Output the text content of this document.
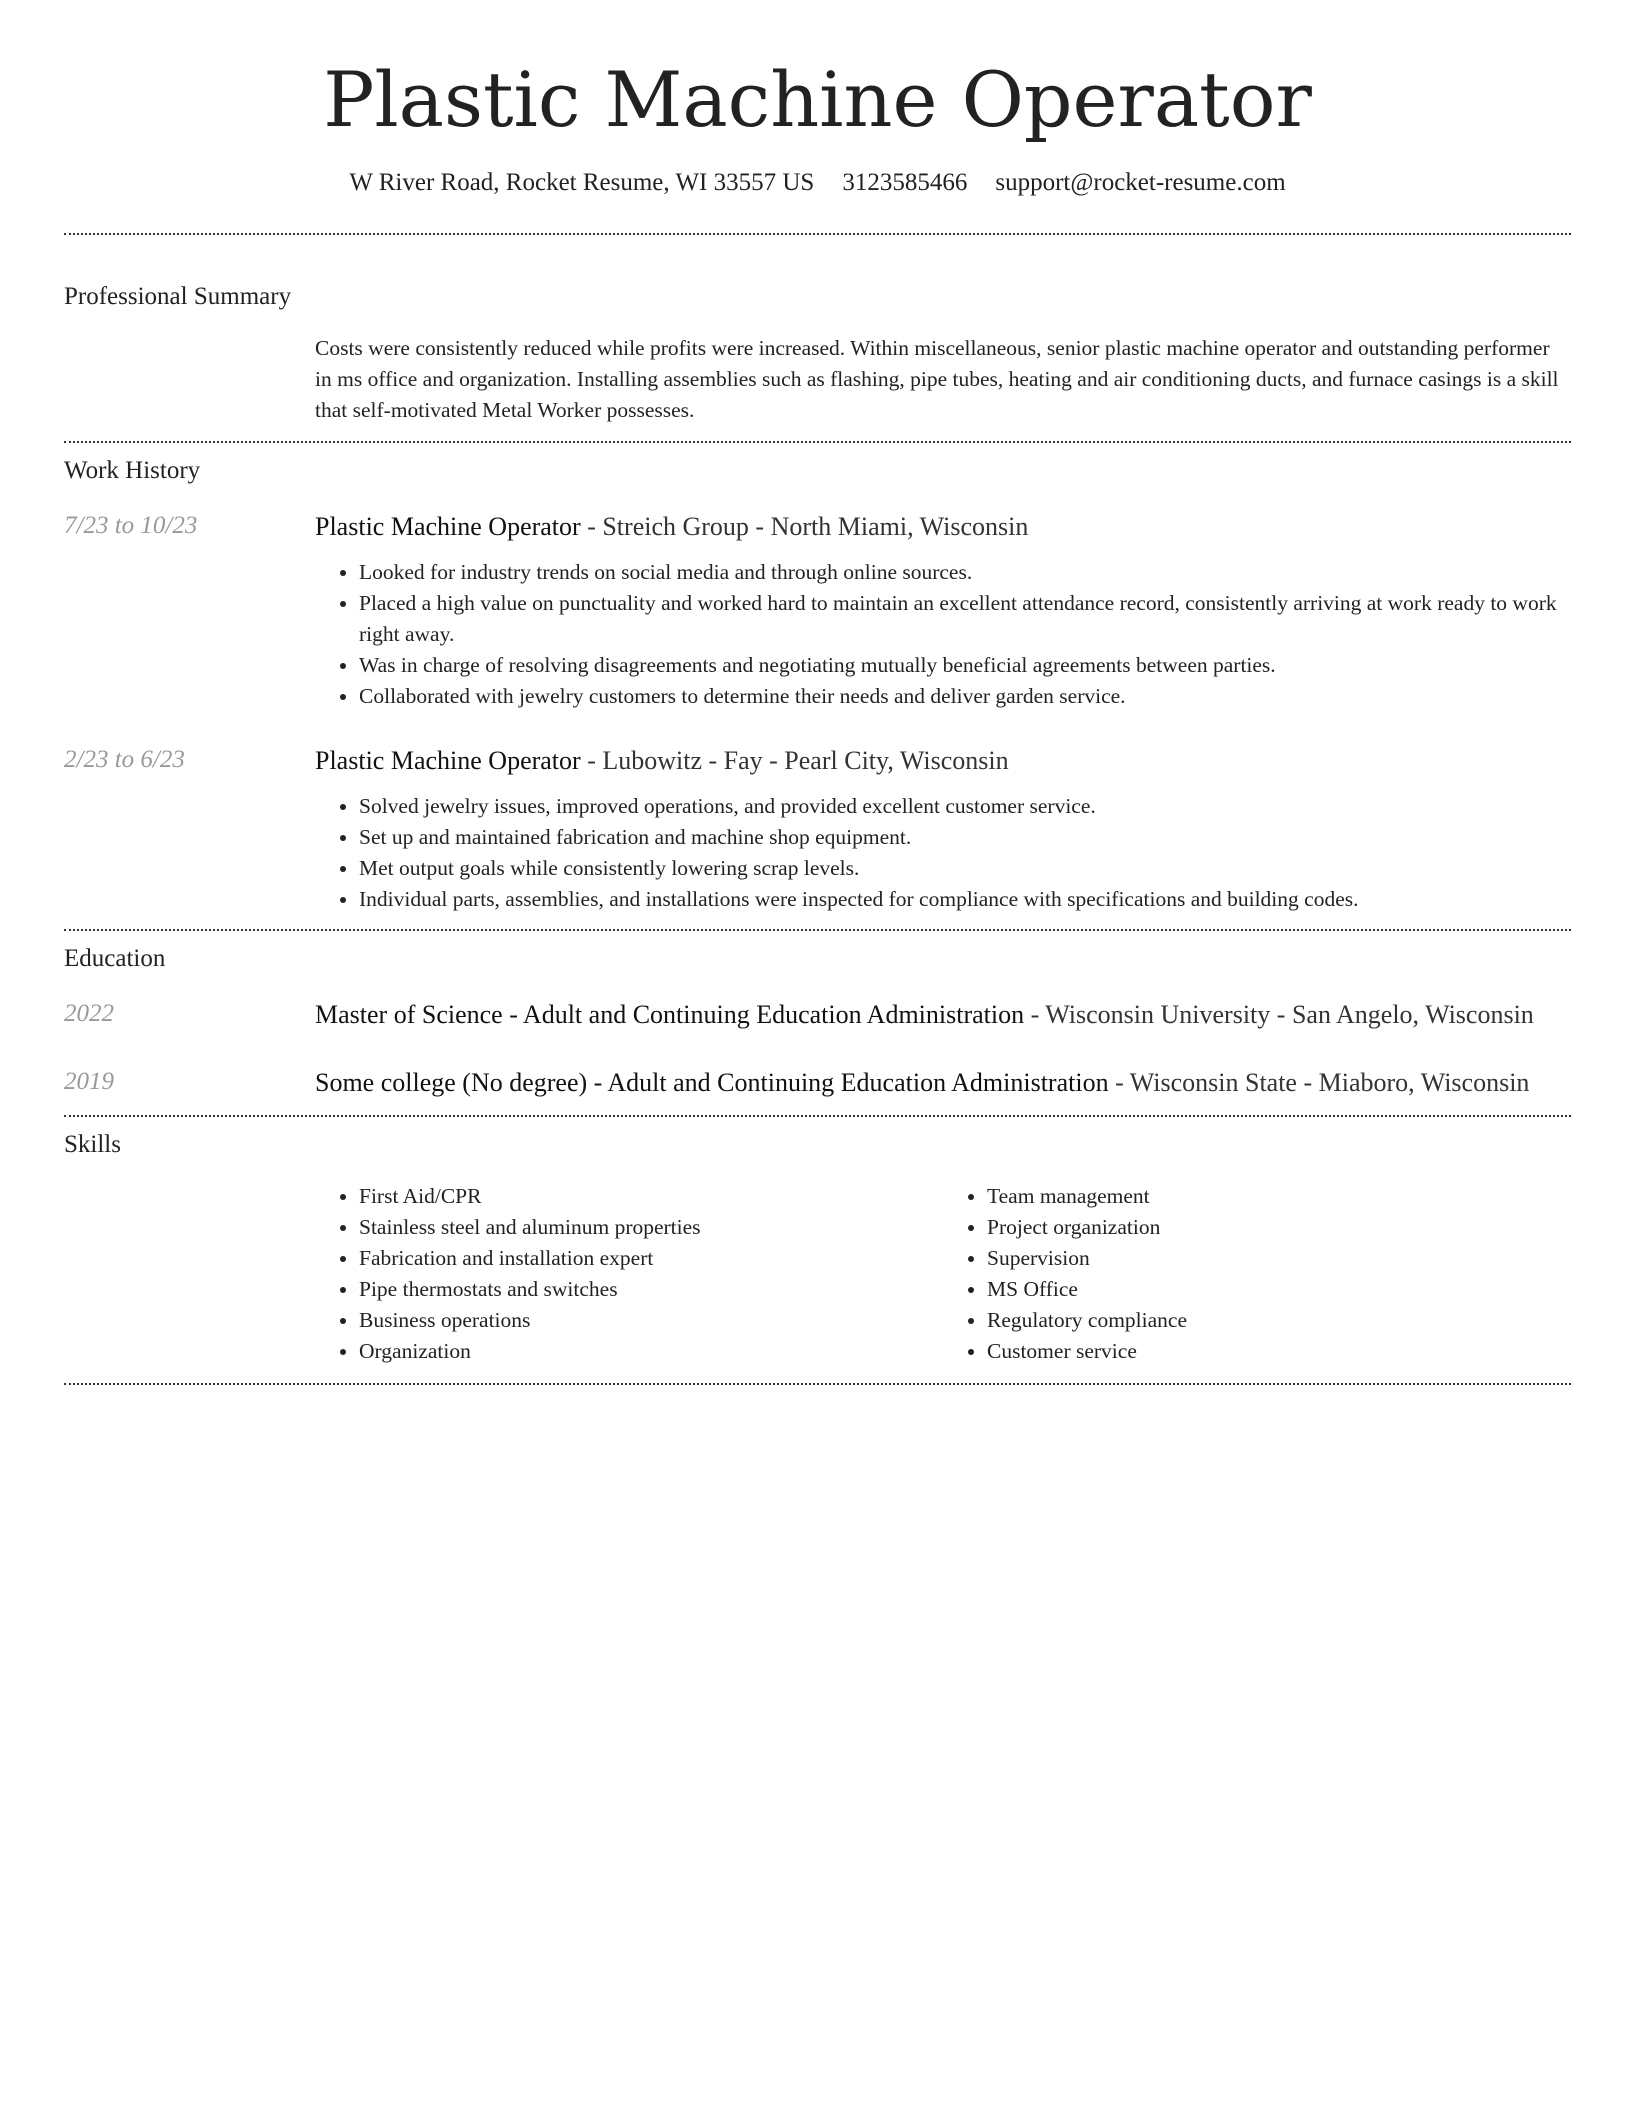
Plastic Machine Operator
W River Road, Rocket Resume, WI 33557 US 3123585466 support@rocket-resume.com
Professional Summary

Costs were consistently reduced while profits were increased. Within miscellaneous, senior plastic machine operator and outstanding performer in ms office and organization. Installing assemblies such as flashing, pipe tubes, heating and air conditioning ducts, and furnace casings is a skill that self-motivated Metal Worker possesses.

Work History
7/23 to 10/23	Plastic Machine Operator - Streich Group - North Miami, Wisconsin

• Looked for industry trends on social media and through online sources.
• Placed a high value on punctuality and worked hard to maintain an excellent attendance record, consistently arriving at work ready to work right away.
• Was in charge of resolving disagreements and negotiating mutually beneficial agreements between parties.
• Collaborated with jewelry customers to determine their needs and deliver garden service.
2/23 to 6/23	Plastic Machine Operator - Lubowitz - Fay - Pearl City, Wisconsin

• Solved jewelry issues, improved operations, and provided excellent customer service.
• Set up and maintained fabrication and machine shop equipment.
• Met output goals while consistently lowering scrap levels.
• Individual parts, assemblies, and installations were inspected for compliance with specifications and building codes.
Education
2022	Master of Science - Adult and Continuing Education Administration - Wisconsin University - San Angelo, Wisconsin

2019	Some college (No degree) - Adult and Continuing Education Administration - Wisconsin State - Miaboro, Wisconsin

Skills
• First Aid/CPR
• Stainless steel and aluminum properties
• Fabrication and installation expert
• Pipe thermostats and switches
• Business operations
• Organization
• Team management
• Project organization
• Supervision
• MS Office
• Regulatory compliance
• Customer service
